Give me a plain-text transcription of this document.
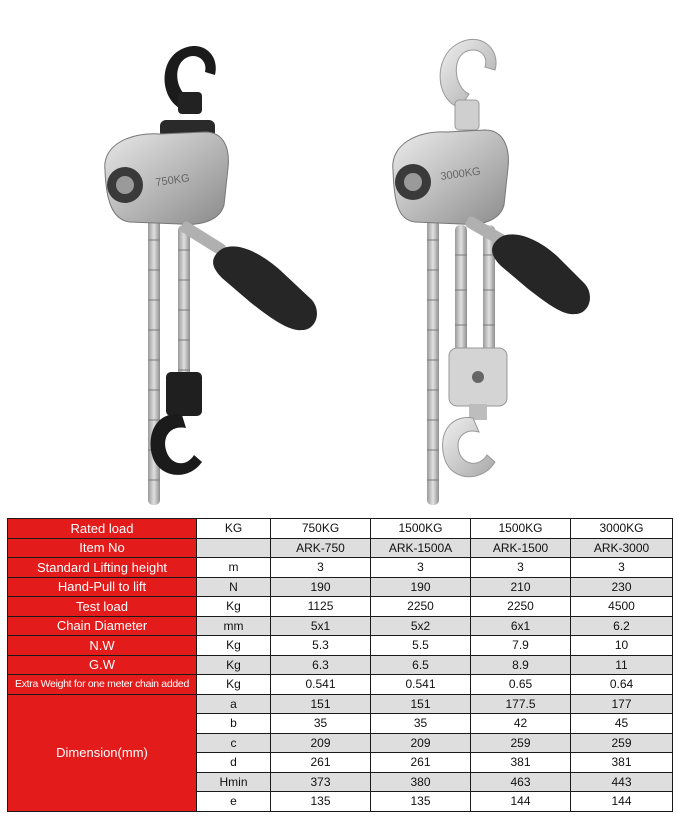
750KG	3000KG
Rated load	KG	750KG	1500KG	1500KG	3000KG
Item No		ARK-750	ARK-1500A	ARK-1500	ARK-3000
Standard Lifting height	m	3	3	3	3
Hand-Pull to lift	N	190	190	210	230
Test load	Kg	1125	2250	2250	4500
Chain Diameter	mm	5x1	5x2	6x1	6.2
N.W	Kg	5.3	5.5	7.9	10
G.W	Kg	6.3	6.5	8.9	11
Extra Weight for one meter chain added	Kg	0.541	0.541	0.65	0.64
Dimension(mm)	a	151	151	177.5	177
	b	35	35	42	45
	c	209	209	259	259
	d	261	261	381	381
	Hmin	373	380	463	443
	e	135	135	144	144
